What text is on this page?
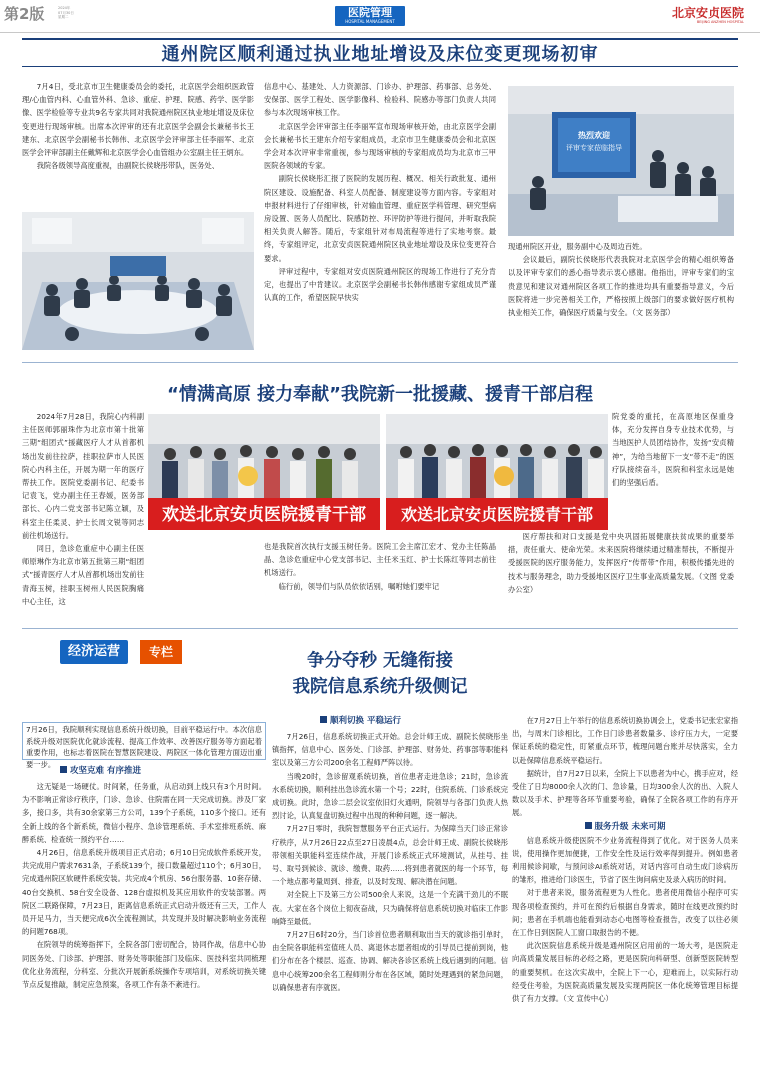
第2版	2024年
07月30日
星期二	医院管理
HOSPITAL MANAGEMENT
北京安贞医院
BEIJING ANZHEN HOSPITAL
通州院区顺利通过执业地址增设及床位变更现场初审
7月4日，受北京市卫生健康委员会的委托，北京医学会组织医政管理/心血管内科、心血管外科、急诊、重症、护理、院感、药学、医学影像、医学检验等专业共9名专家共同对我院通州院区执业地址增设及床位变更进行现场审核。出席本次评审的还有北京医学会副会长兼秘书长王建东、北京医学会副秘书长韩伟、北京医学会评审部主任李丽军、北京医学会评审部副主任戴辉和北京医学会心血管组办公室副主任王炳东。
我院各级领导高度重视，由副院长侯晓彤带队，医务处、
信息中心、基建处、人力资源部、门诊办、护理部、药事部、总务处、安保部、医学工程处、医学影像科、检验科、院感办等部门负责人共同参与本次现场审核工作。
北京医学会评审部主任李丽军宣布现场审核开始，由北京医学会副会长兼秘书长王建东介绍专家组成员，北京市卫生健康委员会和北京医学会对本次评审非常重视，参与现场审核的专家组成员均为北京市三甲医院各领域的专家。
副院长侯晓彤汇报了医院的发展历程、概况、相关行政批复、通州院区建设、设施配备、科室人员配备、制度建设等方面内容。专家组对申报材料进行了仔细审核，针对输血管理、重症医学科管理、研究型病房设置、医务人员配比、院感防控、环评防护等进行提问，并听取我院相关负责人解答。随后，专家组针对布局流程等进行了实地考察。最终，专家组评定，北京安贞医院通州院区执业地址增设及床位变更符合要求。
评审过程中，专家组对安贞医院通州院区的现场工作进行了充分肯定，也提出了中肯建议。北京医学会副秘书长韩伟感谢专家组成员严谨认真的工作，希望医院早快实
热烈欢迎
评审专家莅临指导
现通州院区开业，服务副中心及周边百姓。
会议最后，副院长侯晓彤代表我院对北京医学会的精心组织筹备以及评审专家们的悉心指导表示衷心感谢。他指出，评审专家们的宝贵意见和建议对通州院区各项工作的推进均具有重要指导意义，今后医院将进一步完善相关工作，严格按照上级部门的要求做好医疗机构执业相关工作，确保医疗质量与安全。（文 医务部）
“情满高原 接力奉献”我院新一批援藏、援青干部启程
2024年7月28日，我院心内科副主任医师郭丽珠作为北京市第十批第三期“组团式”援藏医疗人才从首都机场出发前往拉萨，挂职拉萨市人民医院心内科主任，开展为期一年的医疗帮扶工作。医院党委副书记、纪委书记袁飞，党办副主任王春媛，医务部部长、心内二党支部书记陈立颖，及科室主任柔灵、护士长周文锐等同志前往机场送行。
同日，急诊危重症中心副主任医师原琳作为北京市第五批第三期“组团式”援青医疗人才从首都机场出发前往青海玉树，挂职玉树州人民医院胸痛中心主任，这
欢送北京安贞医院援青干部 欢送北京安贞医院援青干部
也是我院首次执行支援玉树任务。医院工会主席江宏才、党办主任陈晶晶、急诊危重症中心党支部书记、主任米玉红、护士长陈红等同志前往机场送行。
临行前，领导们与队员依依话别，嘱咐她们要牢记
院党委的重托，在高原地区保重身体，充分发挥自身专业技术优势，与当地医护人员团结协作，发扬“安贞精神”，为给当地留下一支“带不走”的医疗队接续奋斗，医院和科室永远是她们的坚强后盾。
医疗帮扶和对口支援是党中央巩固拓展健康扶贫成果的重要举措，责任重大、使命光荣。未来医院将继续通过精准帮扶，不断提升受援医院的医疗服务能力，发挥医疗“传帮带”作用，积极传播先进的技术与服务理念，助力受援地区医疗卫生事业高质量发展。（文图 党委办公室）
经济运营	专栏	争分夺秒 无缝衔接
我院信息系统升级侧记
7月26日，我院顺利实现信息系统升级切换，目前平稳运行中。本次信息系统升级对医院优化就诊流程、提高工作效率、改善医疗服务等方面起着重要作用，也标志着医院在智慧医院建设、两院区一体化管理方面迈出重要一步。
攻坚克难 有序推进
这无疑是一场硬仗。时间紧，任务重，从启动到上线只有3个月时间。为不影响正常诊疗秩序，门诊、急诊、住院需在同一天完成切换。涉及厂家多，接口多，共有30余家第三方公司，139个子系统，110多个接口。还有全新上线的各个新系统，微信小程序、急诊管理系统、手术室排班系统、麻醉系统、检查统一预约平台……
4月26日，信息系统升级项目正式启动；6月10日完成软件系统开发，共完成用户需求7631条，子系统139个，接口数量超过110个；6月30日，完成通州院区软硬件系统安装。共完成4个机房、56台服务器、10套存储、40台交换机、58台安全设备、128台虚拟机及其应用软件的安装部署。两院区二联路保障，7月23日，距离信息系统正式启动升级还有三天，工作人员开足马力，当天便完成6次全流程测试，共发现并及时解决影响业务流程的问题768项。
在院领导的统筹指挥下，全院各部门密切配合，协同作战，信息中心协同医务处、门诊部、护理部、财务处等职能部门及临床、医技科室共同梳理优化业务流程，分科室、分批次开展新系统操作专项培训，对系统切换关键节点反复推敲，制定应急预案，各项工作有条不紊进行。
顺利切换 平稳运行
7月26日，信息系统切换正式开始。总会计师王成、副院长侯晓彤坐镇指挥，信息中心、医务处、门诊部、护理部、财务处、药事部等职能科室以及第三方公司200余名工程师严阵以待。
当晚20时，急诊留观系统切换，首位患者走进急诊；21时，急诊流水系统切换，顺利挂出急诊流水第一个号；22时，住院系统、门诊系统完成切换。此时，急诊二层会议室依旧灯火通明，院领导与各部门负责人热烈讨论，认真复盘切换过程中出现的种种问题，逐一解决。
7月27日零时，我院智慧服务平台正式运行。为保障当天门诊正常诊疗秩序，从7月26日22点至27日凌晨4点，总会计师王成、副院长侯晓彤带领相关职能科室连续作战，开展门诊系统正式环境测试，从挂号、挂号、取号到候诊、就诊、缴费、取药……将到患者就医的每一个环节，每一个地点都考量周到、排查，以及时发现、解决潜在问题。
对全院上下及第三方公司500余人来说，这是一个充满干劲儿的不眠夜。大家在各个岗位上彻夜奋战，只为确保将信息系统切换对临床工作影响降至最低。
7月27日6时20分，当门诊首位患者顺利取出当天的就诊指引单时，由全院各职能科室值班人员、离退休志愿者组成的引导员已提前到岗，他们分布在各个楼层、巡查、协调、解决各诊区系统上线后遇到的问题。信息中心统筹200余名工程师则分布在各区域，随时处理遇到的紧急问题，以确保患者有序就医。
在7月27日上午举行的信息系统切换协调会上，党委书记张宏家指出，与周末门诊相比，工作日门诊患者数量多、诊疗压力大，一定要保证系统的稳定性，盯紧重点环节，梳理问题台账并尽快落实，全力以赴保障信息系统平稳运行。
据统计，自7月27日以来，全院上下以患者为中心，携手应对，经受住了日均8000余人次的门、急诊量，日均300余人次的出、入院人数以及手术、护理等各环节重要考验，确保了全院各项工作的有序开展。
服务升级 未来可期
信息系统升级使医院不少业务流程得到了优化。对于医务人员来说，使用操作更加便捷，工作安全性及运行效率得到提升。例如患者利用候诊间歇，与预问诊AI系统对话，对话内容可自动生成门诊病历的雏形，推进给门诊医生，节省了医生询问病史及录入病历的时间。
对于患者来说，服务流程更为人性化。患者使用微信小程序可实现各项检查预约，并可在预约后根据自身需求，随时在线更改预约时间；患者在手机端也能看到动态心电图等检查报告，改变了以往必须在工作日到医院人工窗口取报告的不便。
此次医院信息系统升级是通州院区启用前的一场大考，是医院走向高质量发展目标的必经之路，更是医院向科研型、创新型医院转型的重要契机。在这次实战中，全院上下一心，迎难而上，以实际行动经受住考验，为医院高质量发展及实现两院区一体化统筹管理目标提供了有力支撑。（文 宣传中心）
